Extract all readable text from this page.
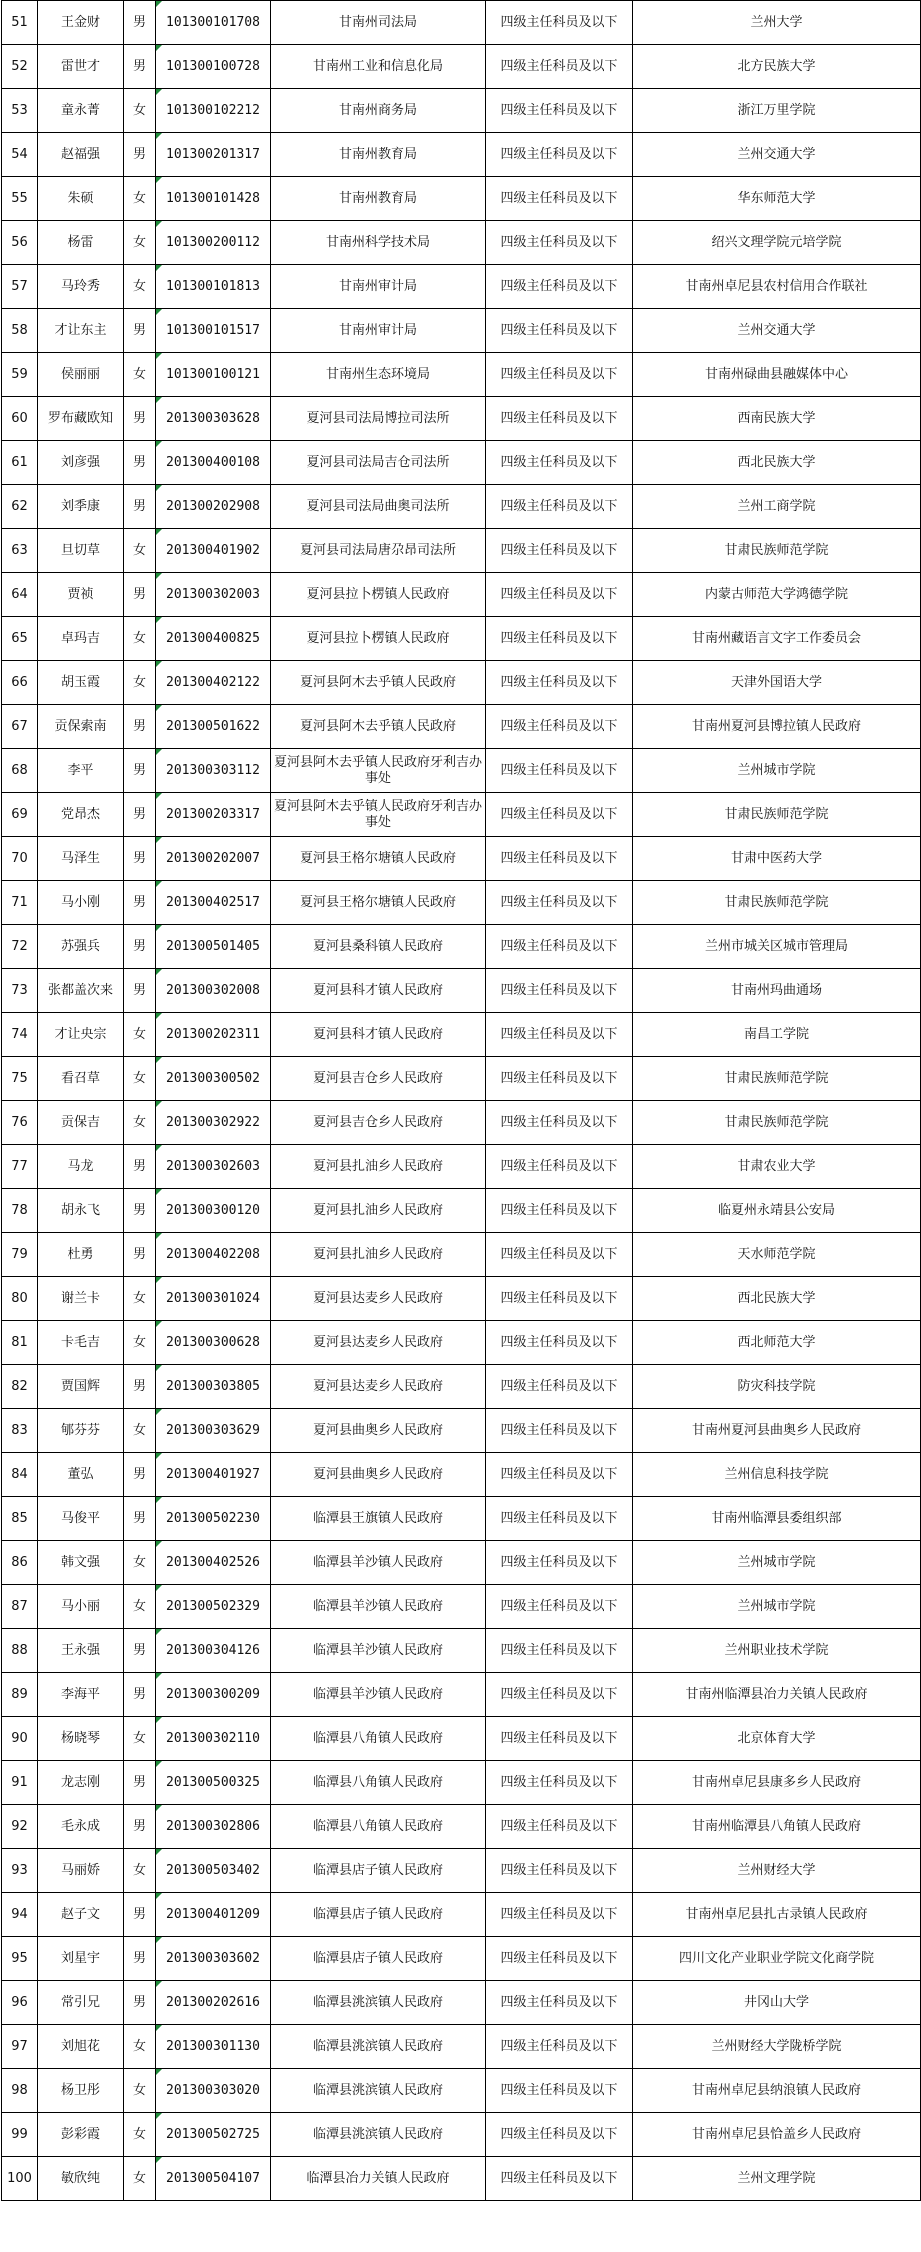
51	王金财	男	101300101708	甘南州司法局	四级主任科员及以下	兰州大学
52	雷世才	男	101300100728	甘南州工业和信息化局	四级主任科员及以下	北方民族大学
53	童永菁	女	101300102212	甘南州商务局	四级主任科员及以下	浙江万里学院
54	赵福强	男	101300201317	甘南州教育局	四级主任科员及以下	兰州交通大学
55	朱硕	女	101300101428	甘南州教育局	四级主任科员及以下	华东师范大学
56	杨雷	女	101300200112	甘南州科学技术局	四级主任科员及以下	绍兴文理学院元培学院
57	马玲秀	女	101300101813	甘南州审计局	四级主任科员及以下	甘南州卓尼县农村信用合作联社
58	才让东主	男	101300101517	甘南州审计局	四级主任科员及以下	兰州交通大学
59	侯丽丽	女	101300100121	甘南州生态环境局	四级主任科员及以下	甘南州碌曲县融媒体中心
60	罗布藏欧知	男	201300303628	夏河县司法局博拉司法所	四级主任科员及以下	西南民族大学
61	刘彦强	男	201300400108	夏河县司法局吉仓司法所	四级主任科员及以下	西北民族大学
62	刘季康	男	201300202908	夏河县司法局曲奥司法所	四级主任科员及以下	兰州工商学院
63	旦切草	女	201300401902	夏河县司法局唐尕昂司法所	四级主任科员及以下	甘肃民族师范学院
64	贾祯	男	201300302003	夏河县拉卜楞镇人民政府	四级主任科员及以下	内蒙古师范大学鸿德学院
65	卓玛吉	女	201300400825	夏河县拉卜楞镇人民政府	四级主任科员及以下	甘南州藏语言文字工作委员会
66	胡玉霞	女	201300402122	夏河县阿木去乎镇人民政府	四级主任科员及以下	天津外国语大学
67	贡保索南	男	201300501622	夏河县阿木去乎镇人民政府	四级主任科员及以下	甘南州夏河县博拉镇人民政府
68	李平	男	201300303112	夏河县阿木去乎镇人民政府牙利吉办事处	四级主任科员及以下	兰州城市学院
69	党昂杰	男	201300203317	夏河县阿木去乎镇人民政府牙利吉办事处	四级主任科员及以下	甘肃民族师范学院
70	马泽生	男	201300202007	夏河县王格尔塘镇人民政府	四级主任科员及以下	甘肃中医药大学
71	马小刚	男	201300402517	夏河县王格尔塘镇人民政府	四级主任科员及以下	甘肃民族师范学院
72	苏强兵	男	201300501405	夏河县桑科镇人民政府	四级主任科员及以下	兰州市城关区城市管理局
73	张都盖次来	男	201300302008	夏河县科才镇人民政府	四级主任科员及以下	甘南州玛曲通场
74	才让央宗	女	201300202311	夏河县科才镇人民政府	四级主任科员及以下	南昌工学院
75	看召草	女	201300300502	夏河县吉仓乡人民政府	四级主任科员及以下	甘肃民族师范学院
76	贡保吉	女	201300302922	夏河县吉仓乡人民政府	四级主任科员及以下	甘肃民族师范学院
77	马龙	男	201300302603	夏河县扎油乡人民政府	四级主任科员及以下	甘肃农业大学
78	胡永飞	男	201300300120	夏河县扎油乡人民政府	四级主任科员及以下	临夏州永靖县公安局
79	杜勇	男	201300402208	夏河县扎油乡人民政府	四级主任科员及以下	天水师范学院
80	谢兰卡	女	201300301024	夏河县达麦乡人民政府	四级主任科员及以下	西北民族大学
81	卡毛吉	女	201300300628	夏河县达麦乡人民政府	四级主任科员及以下	西北师范大学
82	贾国辉	男	201300303805	夏河县达麦乡人民政府	四级主任科员及以下	防灾科技学院
83	郇芬芬	女	201300303629	夏河县曲奥乡人民政府	四级主任科员及以下	甘南州夏河县曲奥乡人民政府
84	董弘	男	201300401927	夏河县曲奥乡人民政府	四级主任科员及以下	兰州信息科技学院
85	马俊平	男	201300502230	临潭县王旗镇人民政府	四级主任科员及以下	甘南州临潭县委组织部
86	韩文强	女	201300402526	临潭县羊沙镇人民政府	四级主任科员及以下	兰州城市学院
87	马小丽	女	201300502329	临潭县羊沙镇人民政府	四级主任科员及以下	兰州城市学院
88	王永强	男	201300304126	临潭县羊沙镇人民政府	四级主任科员及以下	兰州职业技术学院
89	李海平	男	201300300209	临潭县羊沙镇人民政府	四级主任科员及以下	甘南州临潭县冶力关镇人民政府
90	杨晓琴	女	201300302110	临潭县八角镇人民政府	四级主任科员及以下	北京体育大学
91	龙志刚	男	201300500325	临潭县八角镇人民政府	四级主任科员及以下	甘南州卓尼县康多乡人民政府
92	毛永成	男	201300302806	临潭县八角镇人民政府	四级主任科员及以下	甘南州临潭县八角镇人民政府
93	马丽娇	女	201300503402	临潭县店子镇人民政府	四级主任科员及以下	兰州财经大学
94	赵子文	男	201300401209	临潭县店子镇人民政府	四级主任科员及以下	甘南州卓尼县扎古录镇人民政府
95	刘星宇	男	201300303602	临潭县店子镇人民政府	四级主任科员及以下	四川文化产业职业学院文化商学院
96	常引兄	男	201300202616	临潭县洮滨镇人民政府	四级主任科员及以下	井冈山大学
97	刘旭花	女	201300301130	临潭县洮滨镇人民政府	四级主任科员及以下	兰州财经大学陇桥学院
98	杨卫彤	女	201300303020	临潭县洮滨镇人民政府	四级主任科员及以下	甘南州卓尼县纳浪镇人民政府
99	彭彩霞	女	201300502725	临潭县洮滨镇人民政府	四级主任科员及以下	甘南州卓尼县恰盖乡人民政府
100	敏欣纯	女	201300504107	临潭县冶力关镇人民政府	四级主任科员及以下	兰州文理学院
